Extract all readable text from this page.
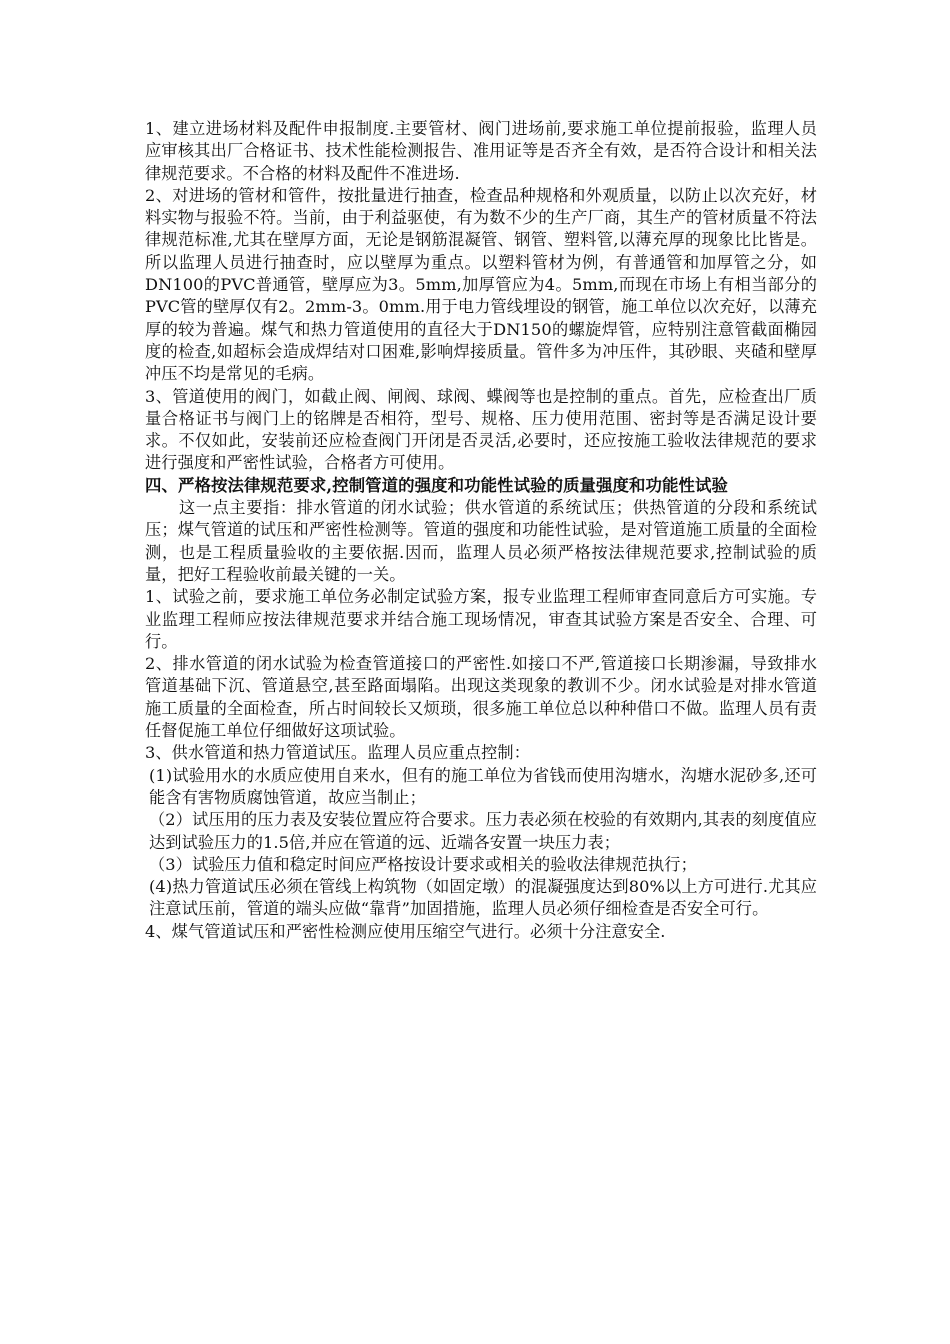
1、建立进场材料及配件申报制度.主要管材、阀门进场前,要求施工单位提前报验，监理人员应审核其出厂合格证书、技术性能检测报告、准用证等是否齐全有效，是否符合设计和相关法律规范要求。不合格的材料及配件不准进场.

2、对进场的管材和管件，按批量进行抽查，检查品种规格和外观质量，以防止以次充好，材料实物与报验不符。当前，由于利益驱使，有为数不少的生产厂商，其生产的管材质量不符法律规范标准,尤其在壁厚方面，无论是钢筋混凝管、钢管、塑料管,以薄充厚的现象比比皆是。所以监理人员进行抽查时，应以壁厚为重点。以塑料管材为例，有普通管和加厚管之分，如DN100的PVC普通管，壁厚应为3。5mm,加厚管应为4。5mm,而现在市场上有相当部分的PVC管的壁厚仅有2。2mm-3。0mm.用于电力管线埋设的钢管，施工单位以次充好，以薄充厚的较为普遍。煤气和热力管道使用的直径大于DN150的螺旋焊管，应特别注意管截面椭园度的检查,如超标会造成焊结对口困难,影响焊接质量。管件多为冲压件，其砂眼、夹碴和壁厚冲压不均是常见的毛病。

3、管道使用的阀门，如截止阀、闸阀、球阀、蝶阀等也是控制的重点。首先，应检查出厂质量合格证书与阀门上的铭牌是否相符，型号、规格、压力使用范围、密封等是否满足设计要求。不仅如此，安装前还应检查阀门开闭是否灵活,必要时，还应按施工验收法律规范的要求进行强度和严密性试验，合格者方可使用。

四、严格按法律规范要求,控制管道的强度和功能性试验的质量强度和功能性试验

这一点主要指：排水管道的闭水试验；供水管道的系统试压；供热管道的分段和系统试压；煤气管道的试压和严密性检测等。管道的强度和功能性试验，是对管道施工质量的全面检测，也是工程质量验收的主要依据.因而，监理人员必须严格按法律规范要求,控制试验的质量，把好工程验收前最关键的一关。

1、试验之前，要求施工单位务必制定试验方案，报专业监理工程师审查同意后方可实施。专业监理工程师应按法律规范要求并结合施工现场情况，审查其试验方案是否安全、合理、可行。

2、排水管道的闭水试验为检查管道接口的严密性.如接口不严,管道接口长期渗漏，导致排水管道基础下沉、管道悬空,甚至路面塌陷。出现这类现象的教训不少。闭水试验是对排水管道施工质量的全面检查，所占时间较长又烦琐，很多施工单位总以种种借口不做。监理人员有责任督促施工单位仔细做好这项试验。

3、供水管道和热力管道试压。监理人员应重点控制：

(1)试验用水的水质应使用自来水，但有的施工单位为省钱而使用沟塘水，沟塘水泥砂多,还可能含有害物质腐蚀管道，故应当制止；

（2）试压用的压力表及安装位置应符合要求。压力表必须在校验的有效期内,其表的刻度值应达到试验压力的1.5倍,并应在管道的远、近端各安置一块压力表；

（3）试验压力值和稳定时间应严格按设计要求或相关的验收法律规范执行；

(4)热力管道试压必须在管线上构筑物（如固定墩）的混凝强度达到80%以上方可进行.尤其应注意试压前，管道的端头应做“靠背”加固措施，监理人员必须仔细检查是否安全可行。

4、煤气管道试压和严密性检测应使用压缩空气进行。必须十分注意安全.
